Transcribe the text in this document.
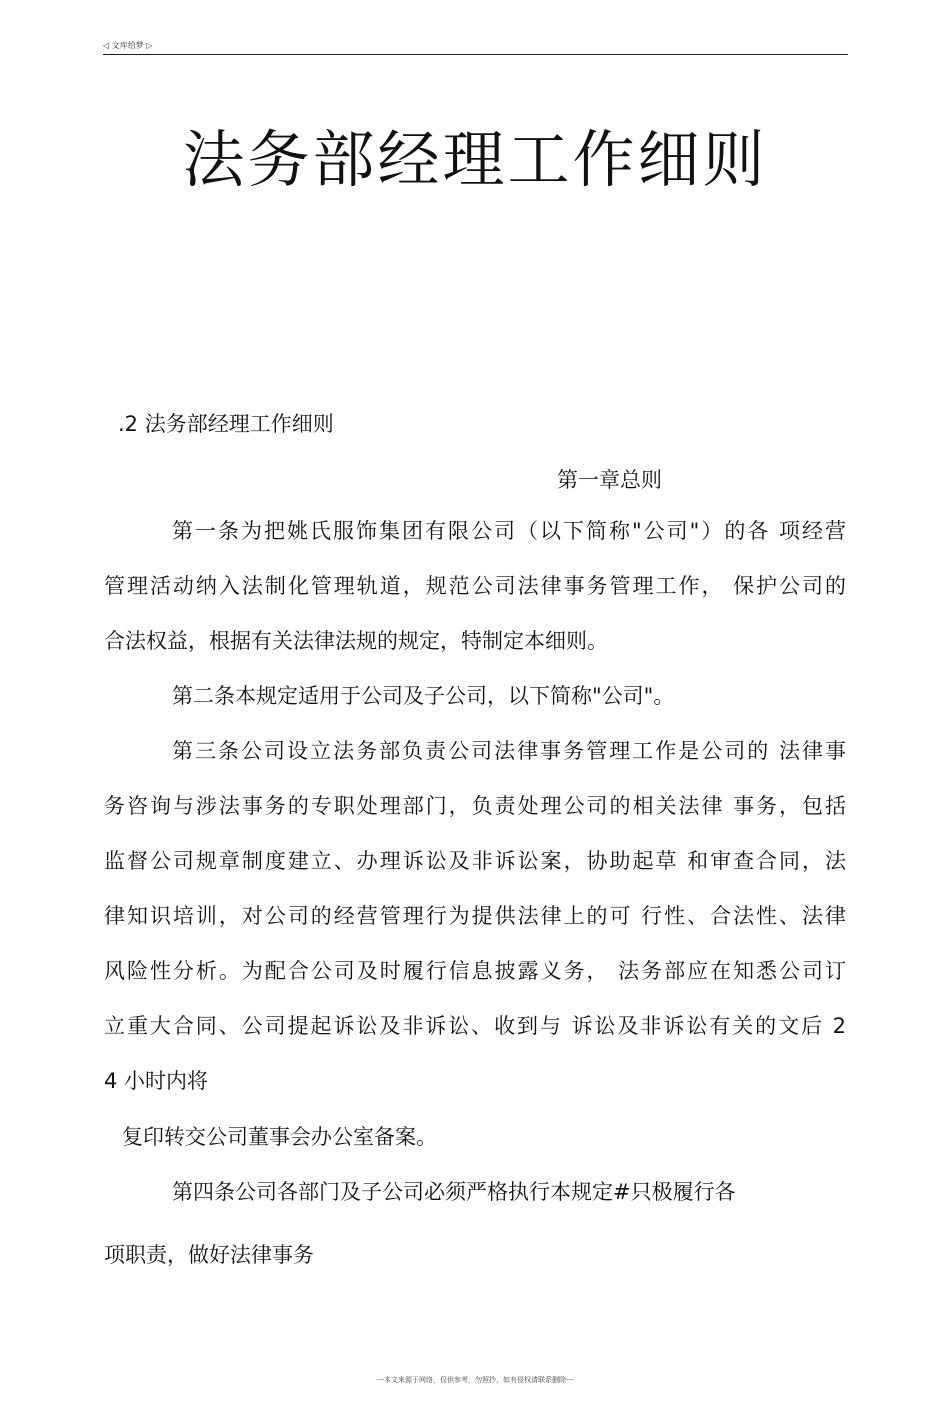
◁ 文库给梦 ▷
法务部经理工作细则
.2 法务部经理工作细则
第一章总则
第一条为把姚氏服饰集团有限公司（以下简称"公司"）的各 项经营
管理活动纳入法制化管理轨道，规范公司法律事务管理工作， 保护公司的
合法权益，根据有关法律法规的规定，特制定本细则。
第二条本规定适用于公司及子公司，以下简称"公司"。
第三条公司设立法务部负责公司法律事务管理工作是公司的 法律事
务咨询与涉法事务的专职处理部门，负责处理公司的相关法律 事务，包括
监督公司规章制度建立、办理诉讼及非诉讼案，协助起草 和审查合同，法
律知识培训，对公司的经营管理行为提供法律上的可 行性、合法性、法律
风险性分析。为配合公司及时履行信息披露义务， 法务部应在知悉公司订
立重大合同、公司提起诉讼及非诉讼、收到与 诉讼及非诉讼有关的文后 2
4 小时内将
复印转交公司董事会办公室备案。
第四条公司各部门及子公司必须严格执行本规定#只极履行各
项职责，做好法律事务
---本文来源于网络，仅供参考，勿照抄，如有侵权请联系删除---
